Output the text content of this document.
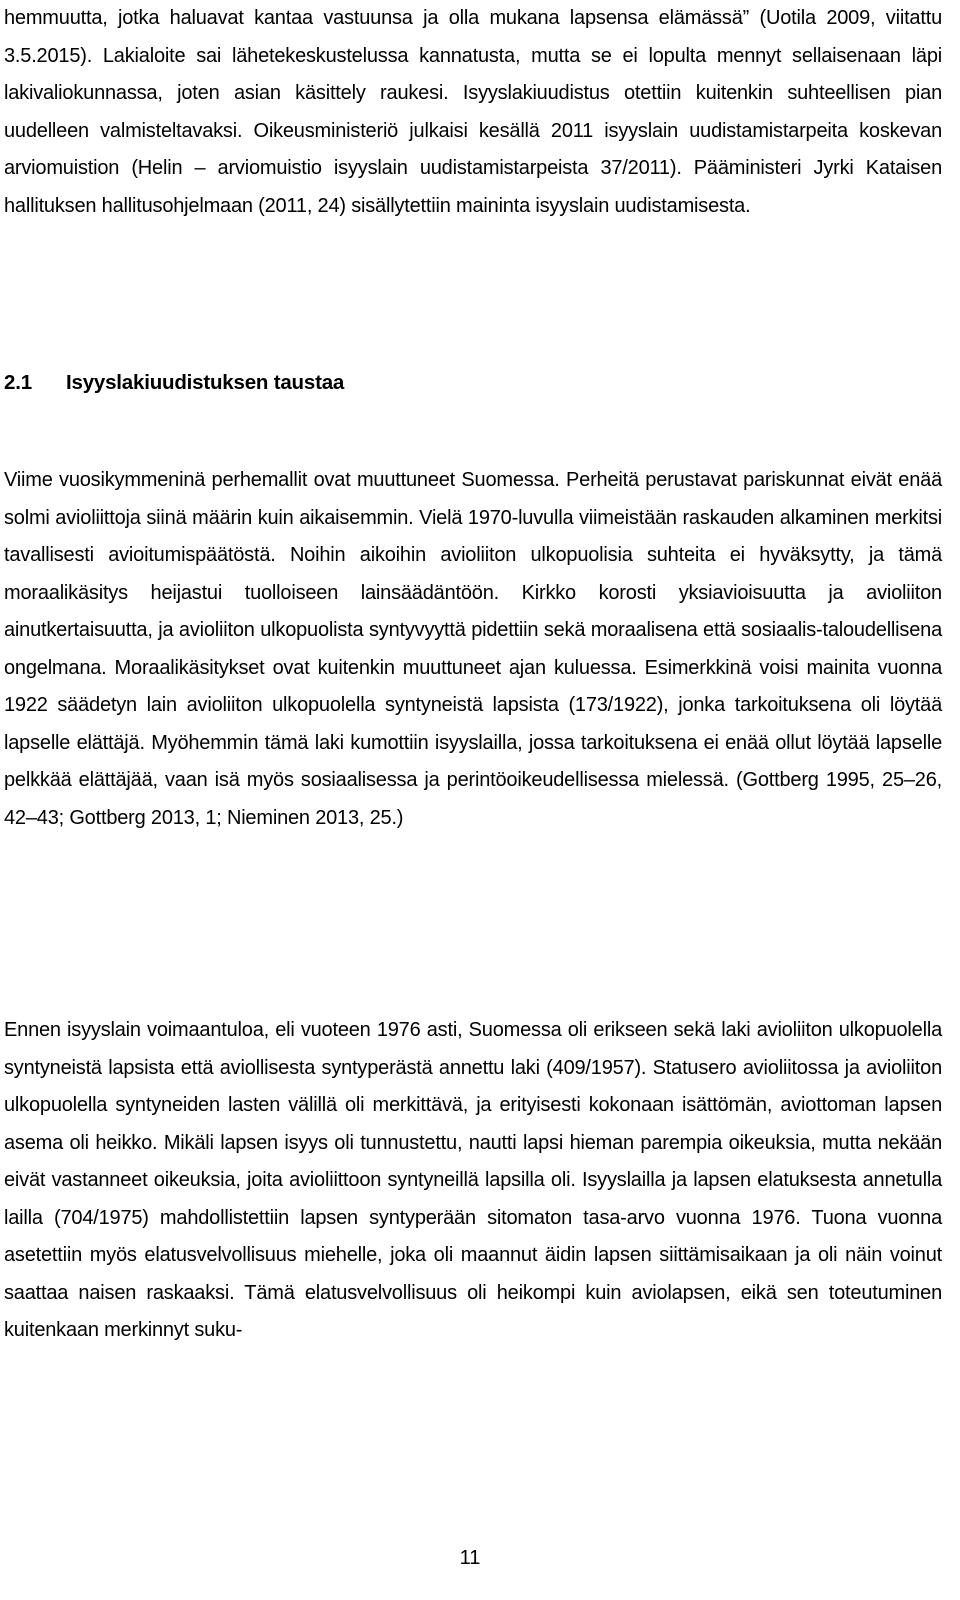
hemmuutta, jotka haluavat kantaa vastuunsa ja olla mukana lapsensa elämässä” (Uotila 2009, viitattu 3.5.2015). Lakialoite sai lähetekeskustelussa kannatusta, mutta se ei lopulta mennyt sellaisenaan läpi lakivaliokunnassa, joten asian käsittely raukesi. Isyyslakiuudistus otettiin kuitenkin suhteellisen pian uudelleen valmisteltavaksi. Oikeusministeriö julkaisi kesällä 2011 isyyslain uudistamistarpeita koskevan arviomuistion (Helin – arviomuistio isyyslain uudistamistarpeista 37/2011). Pääministeri Jyrki Kataisen hallituksen hallitusohjelmaan (2011, 24) sisällytettiin maininta isyyslain uudistamisesta.

2.1 Isyyslakiuudistuksen taustaa

Viime vuosikymmeninä perhemallit ovat muuttuneet Suomessa. Perheitä perustavat pariskunnat eivät enää solmi avioliittoja siinä määrin kuin aikaisemmin. Vielä 1970-luvulla viimeistään raskauden alkaminen merkitsi tavallisesti avioitumispäätöstä. Noihin aikoihin avioliiton ulkopuolisia suhteita ei hyväksytty, ja tämä moraalikäsitys heijastui tuolloiseen lainsäädäntöön. Kirkko korosti yksiavioisuutta ja avioliiton ainutkertaisuutta, ja avioliiton ulkopuolista syntyvyyttä pidettiin sekä moraalisena että sosiaalis-taloudellisena ongelmana. Moraalikäsitykset ovat kuitenkin muuttuneet ajan kuluessa. Esimerkkinä voisi mainita vuonna 1922 säädetyn lain avioliiton ulkopuolella syntyneistä lapsista (173/1922), jonka tarkoituksena oli löytää lapselle elättäjä. Myöhemmin tämä laki kumottiin isyyslailla, jossa tarkoituksena ei enää ollut löytää lapselle pelkkää elättäjää, vaan isä myös sosiaalisessa ja perintöoikeudellisessa mielessä. (Gottberg 1995, 25–26, 42–43; Gottberg 2013, 1; Nieminen 2013, 25.)

Ennen isyyslain voimaantuloa, eli vuoteen 1976 asti, Suomessa oli erikseen sekä laki avioliiton ulkopuolella syntyneistä lapsista että aviollisesta syntyperästä annettu laki (409/1957). Statusero avioliitossa ja avioliiton ulkopuolella syntyneiden lasten välillä oli merkittävä, ja erityisesti kokonaan isättömän, aviottoman lapsen asema oli heikko. Mikäli lapsen isyys oli tunnustettu, nautti lapsi hieman parempia oikeuksia, mutta nekään eivät vastanneet oikeuksia, joita avioliittoon syntyneillä lapsilla oli. Isyyslailla ja lapsen elatuksesta annetulla lailla (704/1975) mahdollistettiin lapsen syntyperään sitomaton tasa-arvo vuonna 1976. Tuona vuonna asetettiin myös elatusvelvollisuus miehelle, joka oli maannut äidin lapsen siittämisaikaan ja oli näin voinut saattaa naisen raskaaksi. Tämä elatusvelvollisuus oli heikompi kuin aviolapsen, eikä sen toteutuminen kuitenkaan merkinnyt suku-

11
